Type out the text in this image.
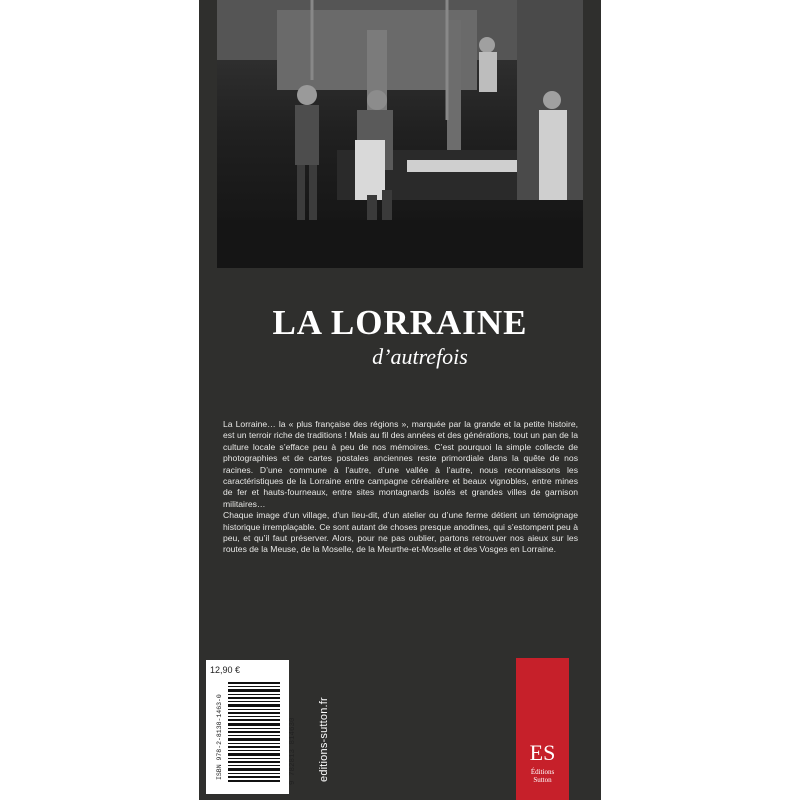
LA LORRAINE
d’autrefois

La Lorraine… la « plus française des régions », marquée par la grande et la petite histoire, est un terroir riche de traditions ! Mais au fil des années et des générations, tout un pan de la culture locale s’efface peu à peu de nos mémoires. C’est pourquoi la simple collecte de photographies et de cartes postales anciennes reste primordiale dans la quête de nos racines. D’une commune à l’autre, d’une vallée à l’autre, nous reconnaissons les caractéristiques de la Lorraine entre campagne céréalière et beaux vignobles, entre mines de fer et hauts-fourneaux, entre sites montagnards isolés et grandes villes de garnison militaires…

Chaque image d’un village, d’un lieu-dit, d’un atelier ou d’une ferme détient un témoignage historique irremplaçable. Ce sont autant de choses presque anodines, qui s’estompent peu à peu, et qu’il faut préserver. Alors, pour ne pas oublier, partons retrouver nos aieux sur les routes de la Meuse, de la Moselle, de la Meurthe-et-Moselle et des Vosges en Lorraine.

12,90 €
ISBN 978-2-8138-1463-0	9 782813 814630 editions-sutton.fr	ES
Éditions
Sutton
